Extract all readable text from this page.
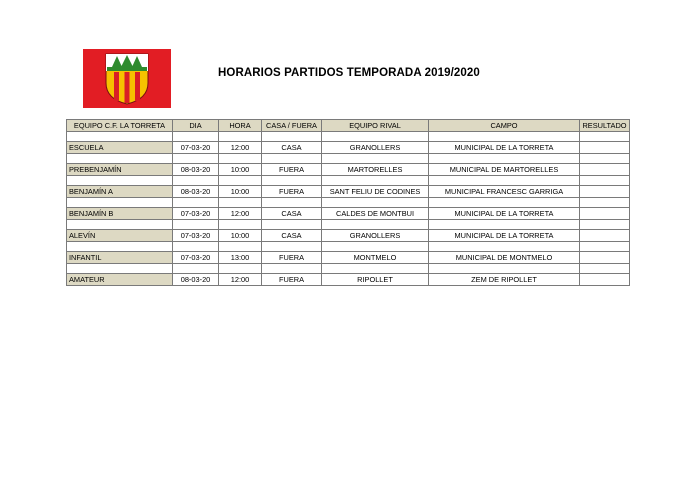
HORARIOS PARTIDOS TEMPORADA 2019/2020
EQUIPO C.F. LA TORRETA	DIA	HORA	CASA / FUERA	EQUIPO RIVAL	CAMPO	RESULTADO

ESCUELA	07-03-20	12:00	CASA	GRANOLLERS	MUNICIPAL DE LA TORRETA	

PREBENJAMÍN	08-03-20	10:00	FUERA	MARTORELLES	MUNICIPAL DE MARTORELLES	

BENJAMÍN A	08-03-20	10:00	FUERA	SANT FELIU DE CODINES	MUNICIPAL FRANCESC GARRIGA	

BENJAMÍN B	07-03-20	12:00	CASA	CALDES DE MONTBUI	MUNICIPAL DE LA TORRETA	

ALEVÍN	07-03-20	10:00	CASA	GRANOLLERS	MUNICIPAL DE LA TORRETA	

INFANTIL	07-03-20	13:00	FUERA	MONTMELO	MUNICIPAL DE MONTMELO	

AMATEUR	08-03-20	12:00	FUERA	RIPOLLET	ZEM DE RIPOLLET	
